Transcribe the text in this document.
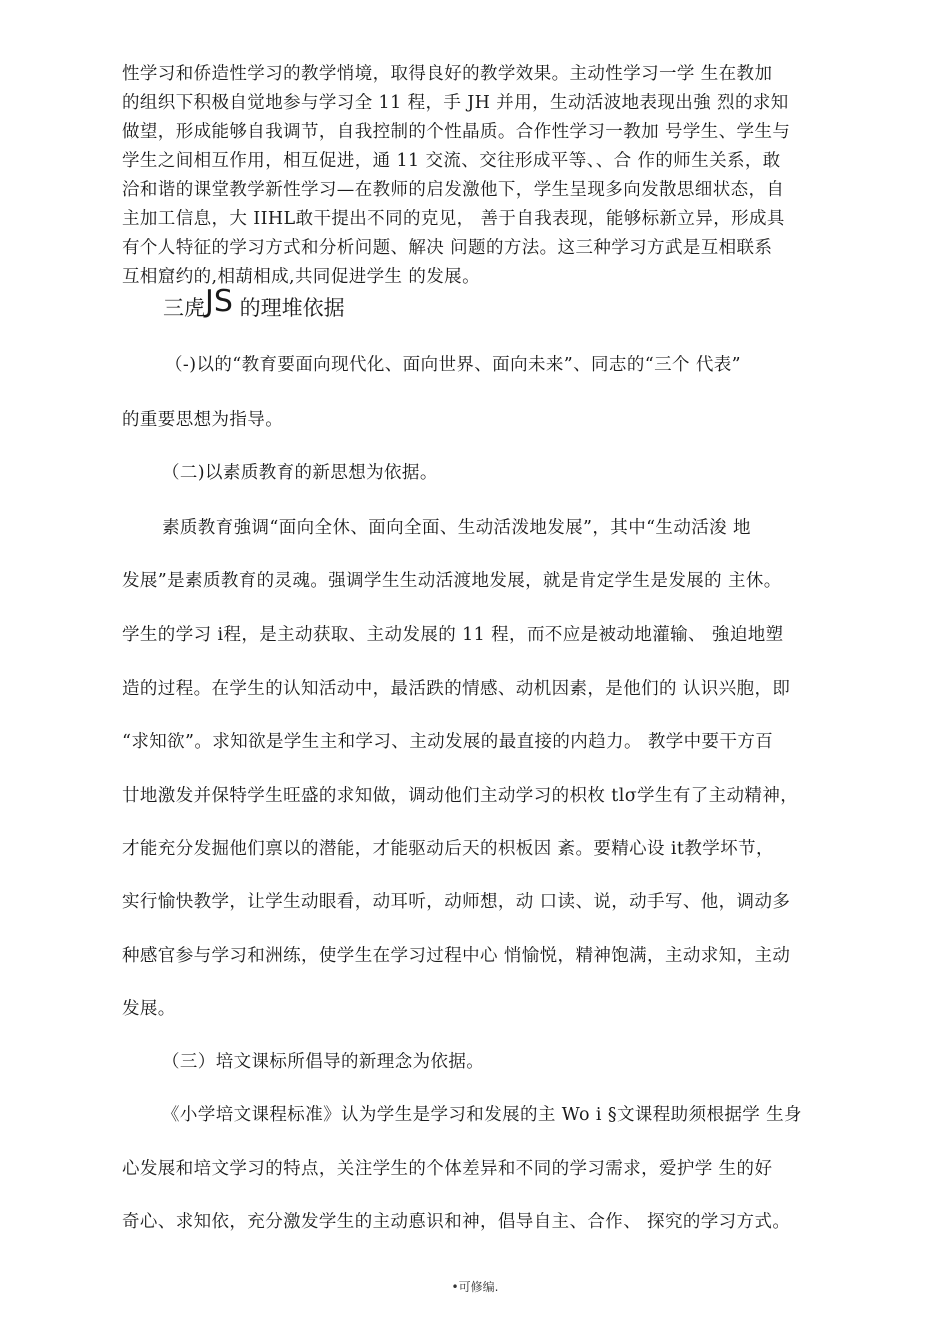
性学习和侨造性学习的教学悄境，取得良好的教学效果。主动性学习一学 生在教加
的组织下积极自觉地参与学习全 11 程，手 JH 并用，生动活波地表现出強 烈的求知
做望，形成能够自我调节，自我控制的个性晶质。合作性学习一教加 号学生、学生与
学生之间相互作用，相互促进，通 11 交流、交往形成平等、、合 作的师生关系，敢
洽和谐的课堂教学新性学习—在教师的启发激他下，学生呈现多向发散思细状态，自
主加工信息，大 IIHL敢干提出不同的克见， 善于自我表现，能够标新立异，形成具
有个人特征的学习方式和分析问题、解决 问题的方法。这三种学习方武是互相联系
互相窟约的,相葫相成,共同促进学生 的发展。
三虎JS 的理堆依据
（-)以的“教育要面向现代化、面向世界、面向未来”、同志的“三个 代表”
的重要思想为指导。
（二)以素质教育的新思想为依据。
素质教育強调“面向全休、面向全面、生动活泼地发展”，其中“生动活浚 地
发展”是素质教育的灵魂。强调学生生动活渡地发展，就是肯定学生是发展的 主休。
学生的学习 i程，是主动获取、主动发展的 11 程，而不应是被动地灌输、 強迫地塑
造的过程。在学生的认知活动中，最活跌的情感、动机因素，是他们的 认识兴胞，即
“求知欲”。求知欲是学生主和学习、主动发展的最直接的内趋力。 教学中要干方百
廿地激发并保特学生旺盛的求知做，调动他们主动学习的枳枚 tlσ学生有了主动精神，
才能充分发掘他们禀以的潜能，才能驱动后天的枳板因 紊。要精心设 it教学坏节，
实行愉快教学，让学生动眼看，动耳听，动师想，动 口读、说，动手写、他，调动多
种感官参与学习和洲练，使学生在学习过程中心 悄愉悦，精神饱满，主动求知，主动
发展。
（三）培文课标所倡导的新理念为依据。
《小学培文课程标准》认为学生是学习和发展的主 Wo i §文课程助须根据学 生身
心发展和培文学习的特点，关注学生的个体差异和不同的学习需求，爱护学 生的好
奇心、求知依，充分激发学生的主动悳识和神，倡导自主、合作、 探究的学习方式。
•可修编.
